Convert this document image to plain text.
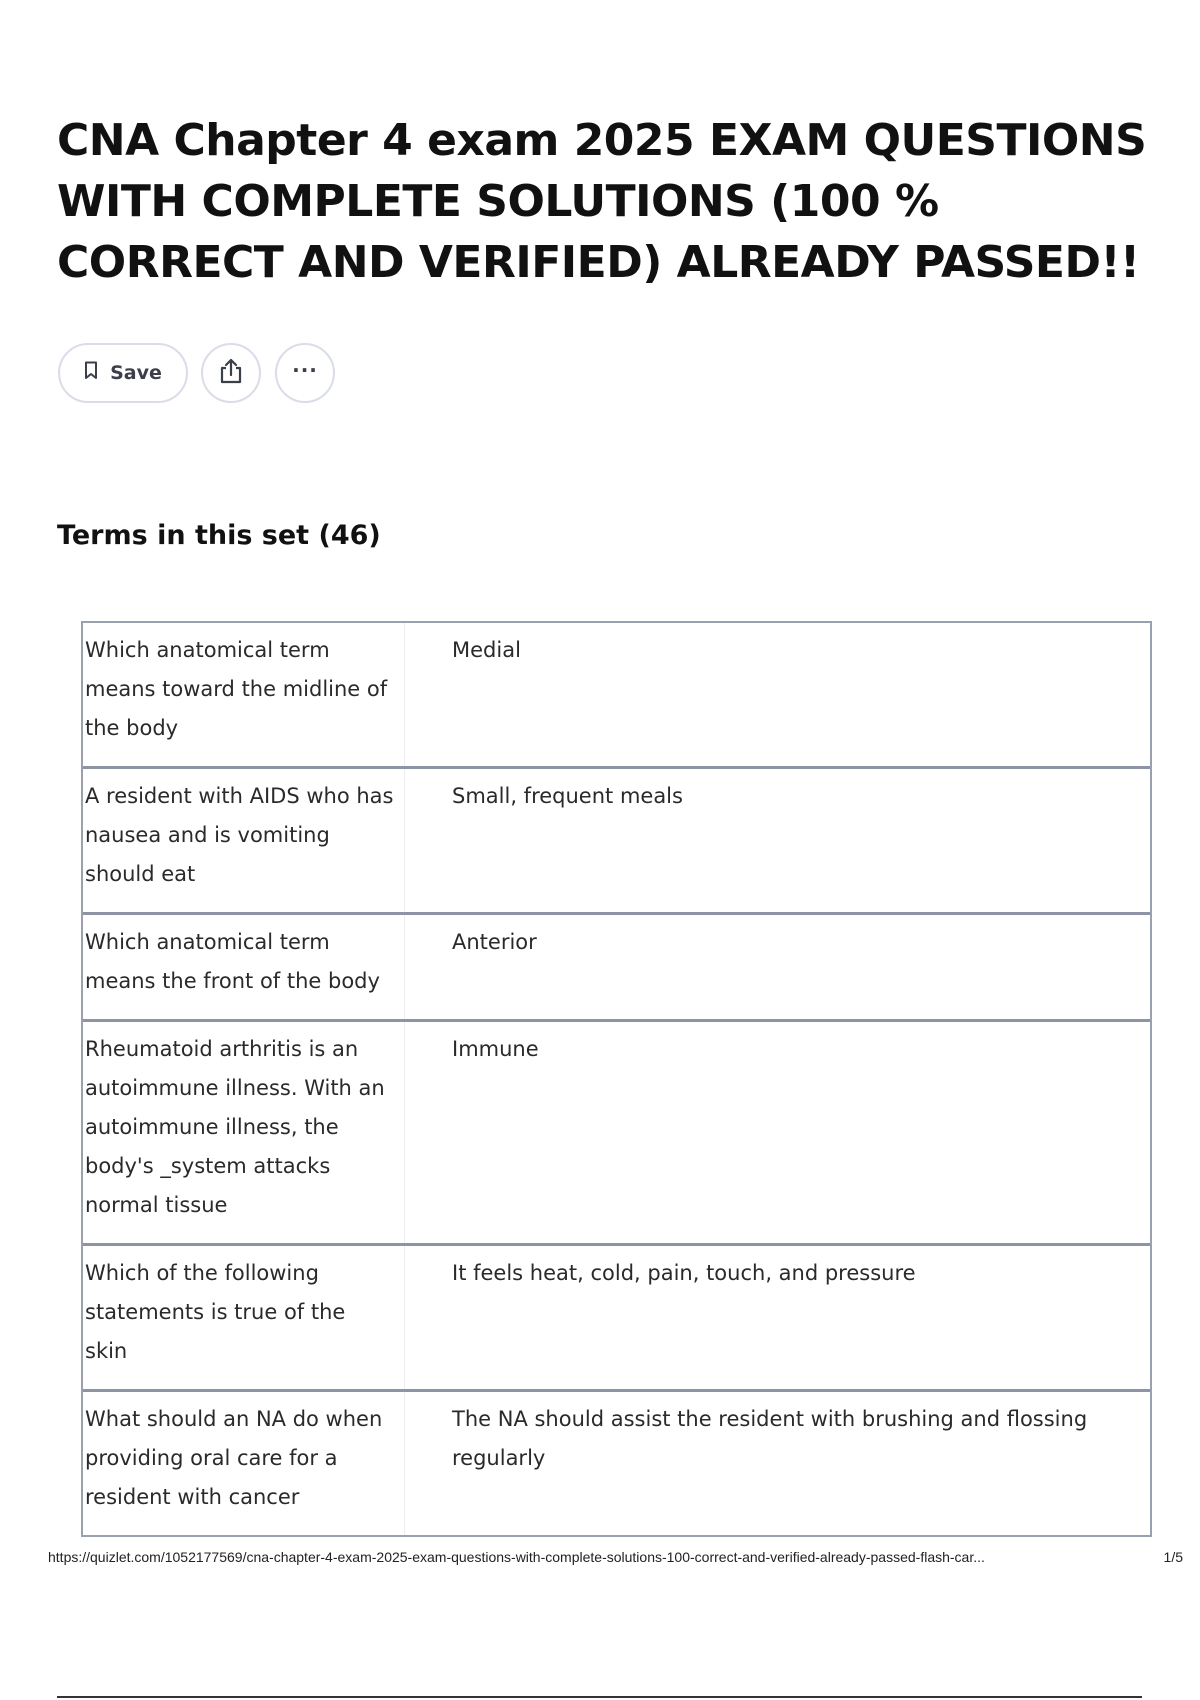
CNA Chapter 4 exam 2025 EXAM QUESTIONS WITH COMPLETE SOLUTIONS (100 % CORRECT AND VERIFIED) ALREADY PASSED!!
Save	···
Terms in this set (46)
Which anatomical term means toward the midline of the body
Medial
A resident with AIDS who has nausea and is vomiting should eat
Small, frequent meals
Which anatomical term means the front of the body
Anterior
Rheumatoid arthritis is an autoimmune illness. With an autoimmune illness, the body's _system attacks normal tissue
Immune
Which of the following statements is true of the skin
It feels heat, cold, pain, touch, and pressure
What should an NA do when providing oral care for a resident with cancer
The NA should assist the resident with brushing and flossing regularly
https://quizlet.com/1052177569/cna-chapter-4-exam-2025-exam-questions-with-complete-solutions-100-correct-and-verified-already-passed-flash-car...	1/5
